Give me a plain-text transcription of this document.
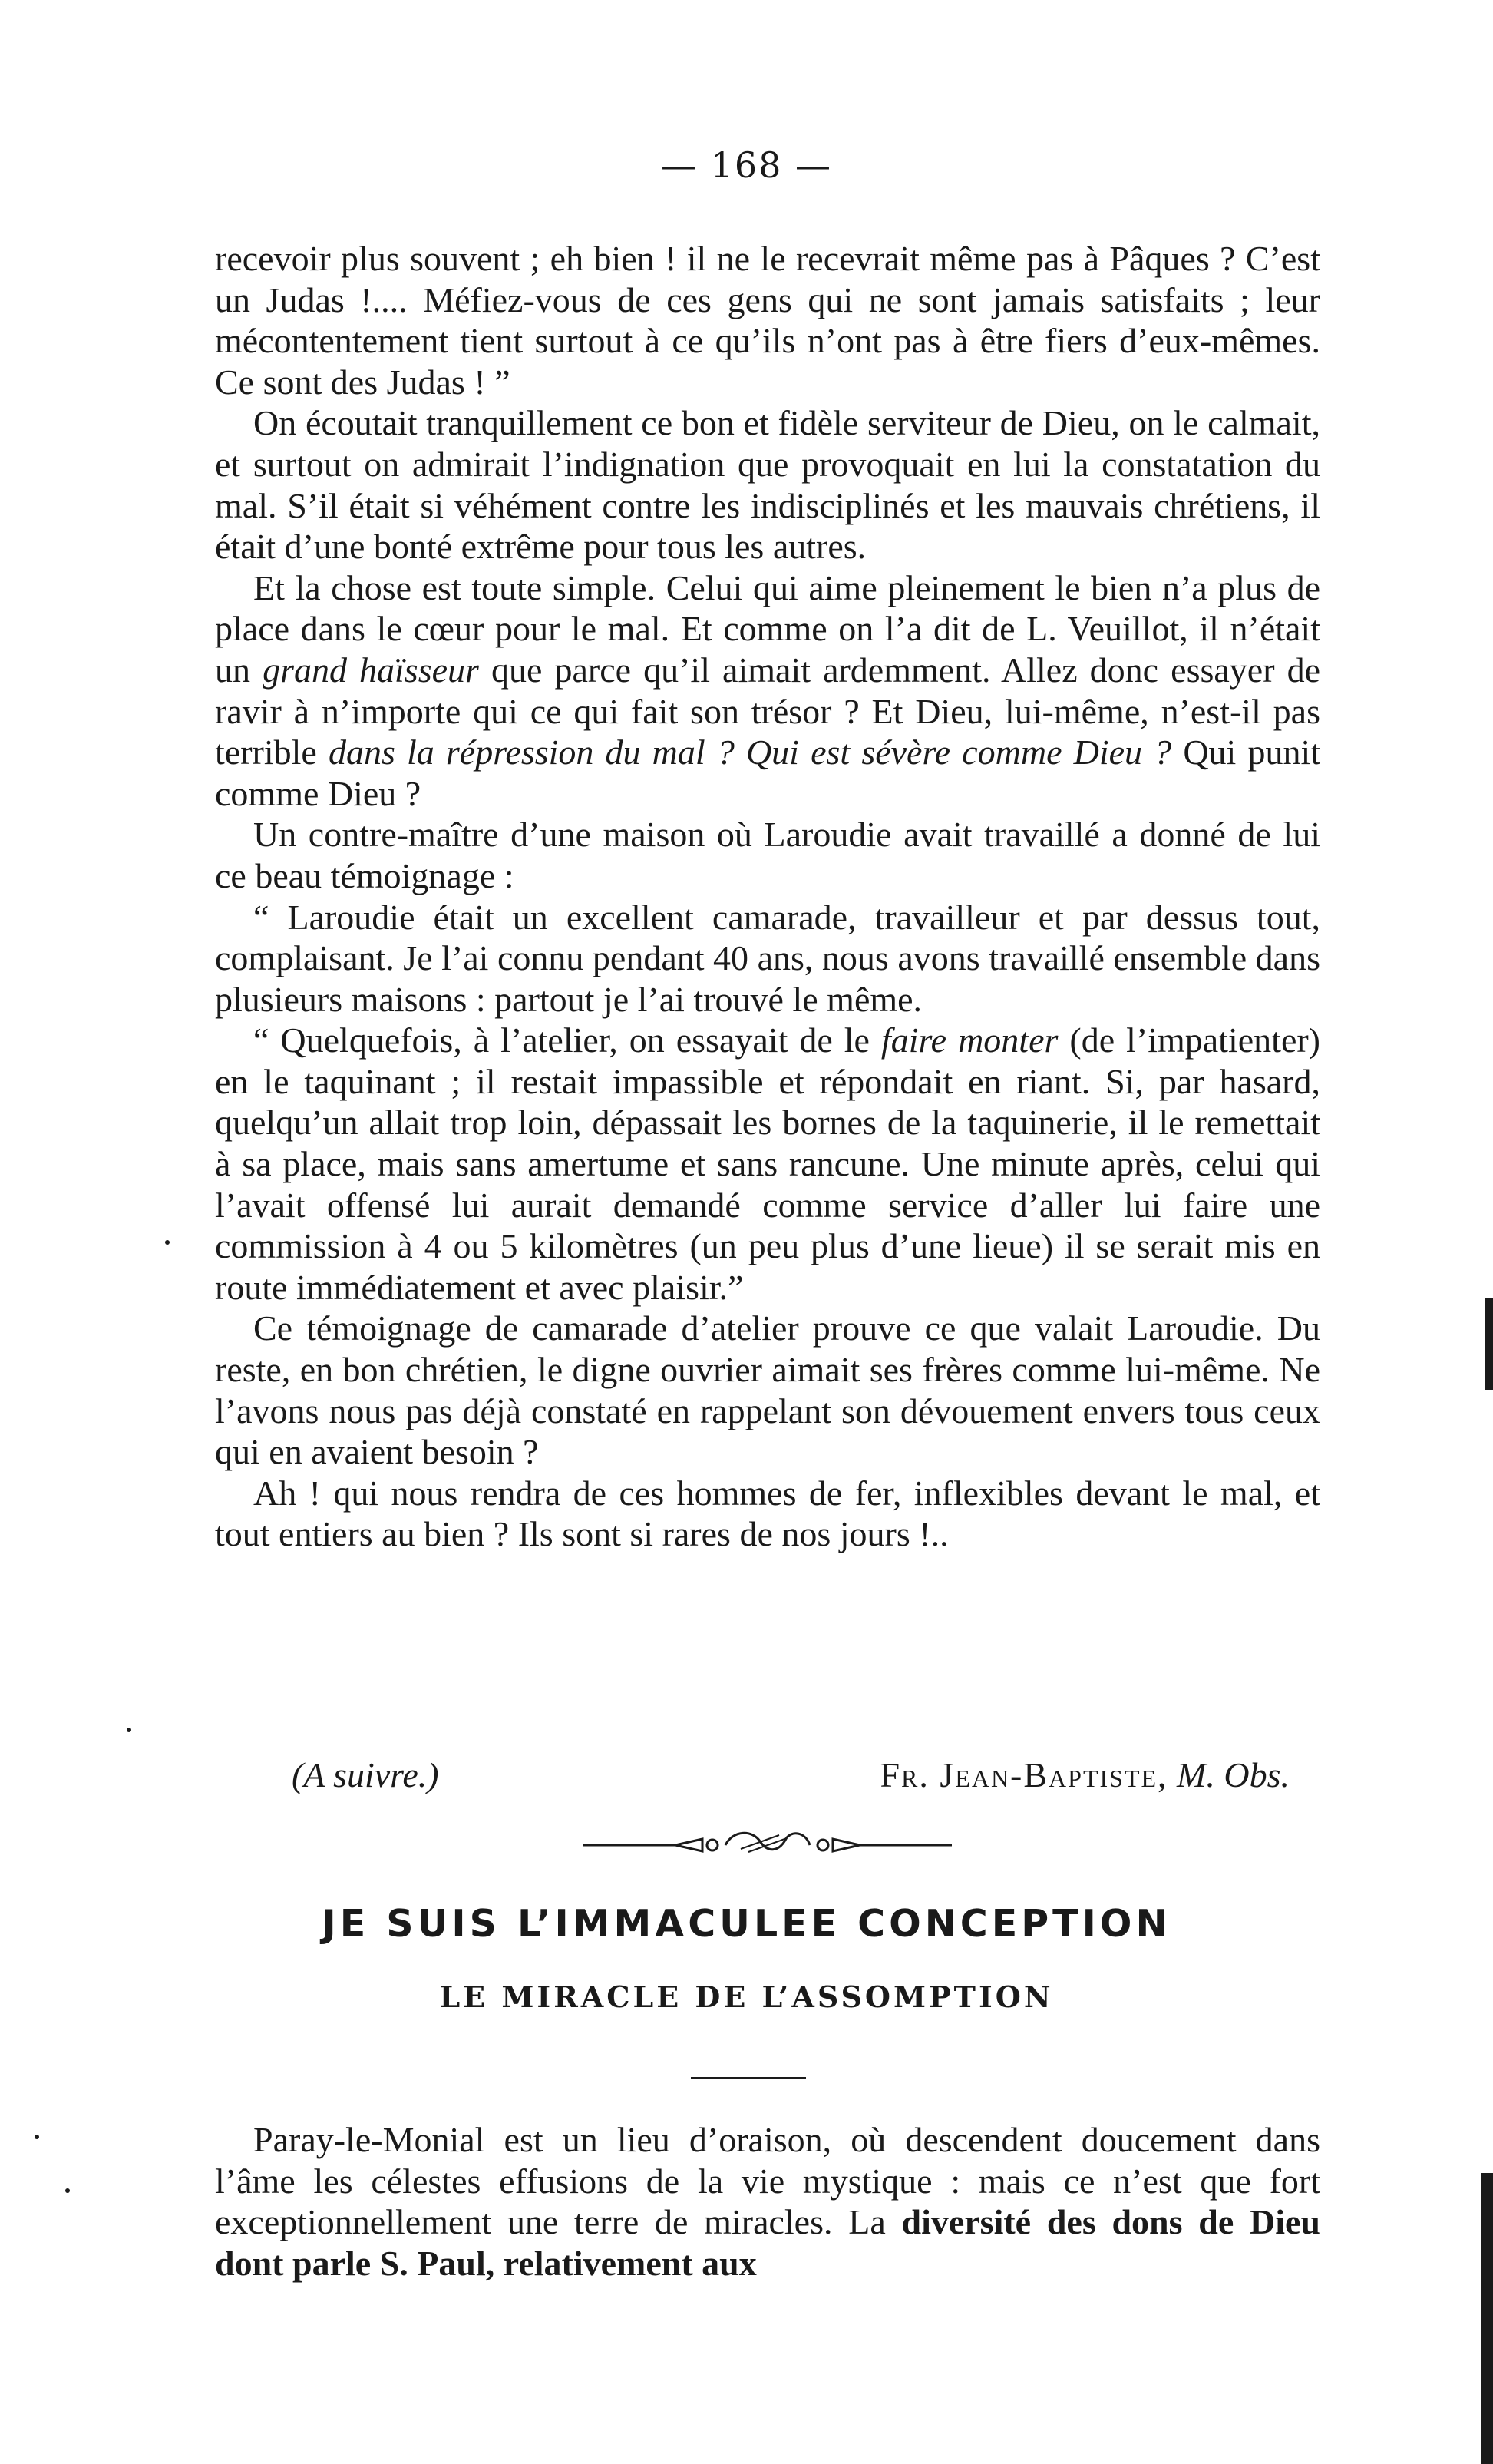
— 168 —

recevoir plus souvent ; eh bien ! il ne le recevrait même pas à Pâques ? C’est un Judas !.... Méfiez-vous de ces gens qui ne sont jamais satisfaits ; leur mécontentement tient surtout à ce qu’ils n’ont pas à être fiers d’eux-mêmes. Ce sont des Judas ! ”

On écoutait tranquillement ce bon et fidèle serviteur de Dieu, on le calmait, et surtout on admirait l’indignation que provoquait en lui la constatation du mal. S’il était si véhément contre les indisciplinés et les mauvais chrétiens, il était d’une bonté extrême pour tous les autres.

Et la chose est toute simple. Celui qui aime pleinement le bien n’a plus de place dans le cœur pour le mal. Et comme on l’a dit de L. Veuillot, il n’était un grand haïsseur que parce qu’il aimait ardemment. Allez donc essayer de ravir à n’importe qui ce qui fait son trésor ? Et Dieu, lui-même, n’est-il pas terrible dans la répression du mal ? Qui est sévère comme Dieu ? Qui punit comme Dieu ?

Un contre-maître d’une maison où Laroudie avait travaillé a donné de lui ce beau témoignage :

“ Laroudie était un excellent camarade, travailleur et par dessus tout, complaisant. Je l’ai connu pendant 40 ans, nous avons travaillé ensemble dans plusieurs maisons : partout je l’ai trouvé le même.

“ Quelquefois, à l’atelier, on essayait de le faire monter (de l’impatienter) en le taquinant ; il restait impassible et répondait en riant. Si, par hasard, quelqu’un allait trop loin, dépassait les bornes de la taquinerie, il le remettait à sa place, mais sans amertume et sans rancune. Une minute après, celui qui l’avait offensé lui aurait demandé comme service d’aller lui faire une commission à 4 ou 5 kilomètres (un peu plus d’une lieue) il se serait mis en route immédiatement et avec plaisir.”

Ce témoignage de camarade d’atelier prouve ce que valait Laroudie. Du reste, en bon chrétien, le digne ouvrier aimait ses frères comme lui-même. Ne l’avons nous pas déjà constaté en rappelant son dévouement envers tous ceux qui en avaient besoin ?

Ah ! qui nous rendra de ces hommes de fer, inflexibles devant le mal, et tout entiers au bien ? Ils sont si rares de nos jours !..

(A suivre.)	Fr. Jean-Baptiste, M. Obs.
JE SUIS L’IMMACULEE CONCEPTION
LE MIRACLE DE L’ASSOMPTION

Paray-le-Monial est un lieu d’oraison, où descendent doucement dans l’âme les célestes effusions de la vie mystique : mais ce n’est que fort exceptionnellement une terre de miracles. La diversité des dons de Dieu dont parle S. Paul, relativement aux
